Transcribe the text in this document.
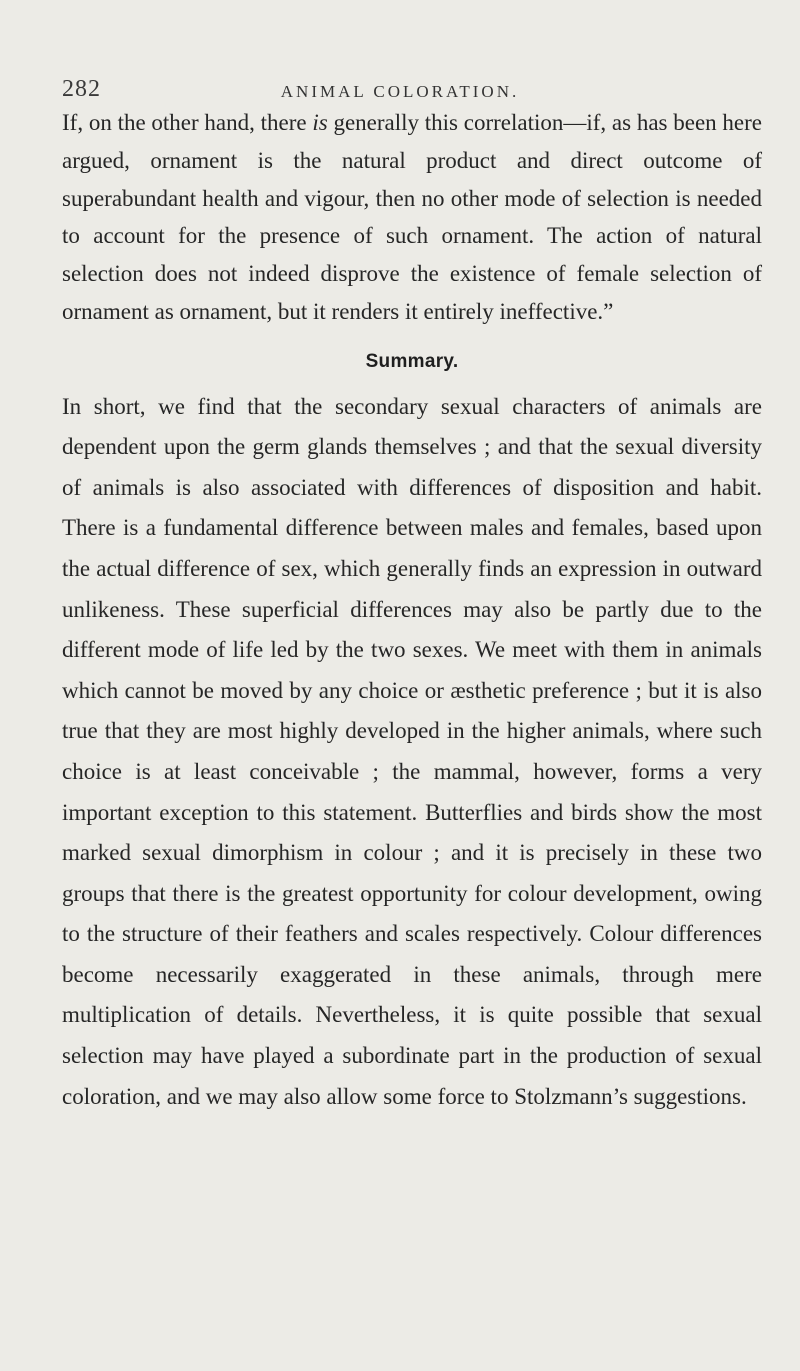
282	ANIMAL COLORATION.

If, on the other hand, there is generally this correlation—if, as has been here argued, ornament is the natural product and direct outcome of superabundant health and vigour, then no other mode of selection is needed to account for the presence of such ornament. The action of natural selection does not indeed disprove the existence of female selection of ornament as ornament, but it renders it entirely ineffective.”

Summary.

In short, we find that the secondary sexual characters of animals are dependent upon the germ glands themselves ; and that the sexual diversity of animals is also associated with differences of disposition and habit. There is a fundamental difference between males and females, based upon the actual difference of sex, which generally finds an expression in outward unlikeness. These superficial differences may also be partly due to the different mode of life led by the two sexes. We meet with them in animals which cannot be moved by any choice or æsthetic preference ; but it is also true that they are most highly developed in the higher animals, where such choice is at least conceivable ; the mammal, however, forms a very important exception to this statement. Butterflies and birds show the most marked sexual dimorphism in colour ; and it is precisely in these two groups that there is the greatest opportunity for colour development, owing to the structure of their feathers and scales respectively. Colour differences become necessarily exaggerated in these animals, through mere multiplication of details. Nevertheless, it is quite possible that sexual selection may have played a subordinate part in the production of sexual coloration, and we may also allow some force to Stolzmann’s suggestions.
